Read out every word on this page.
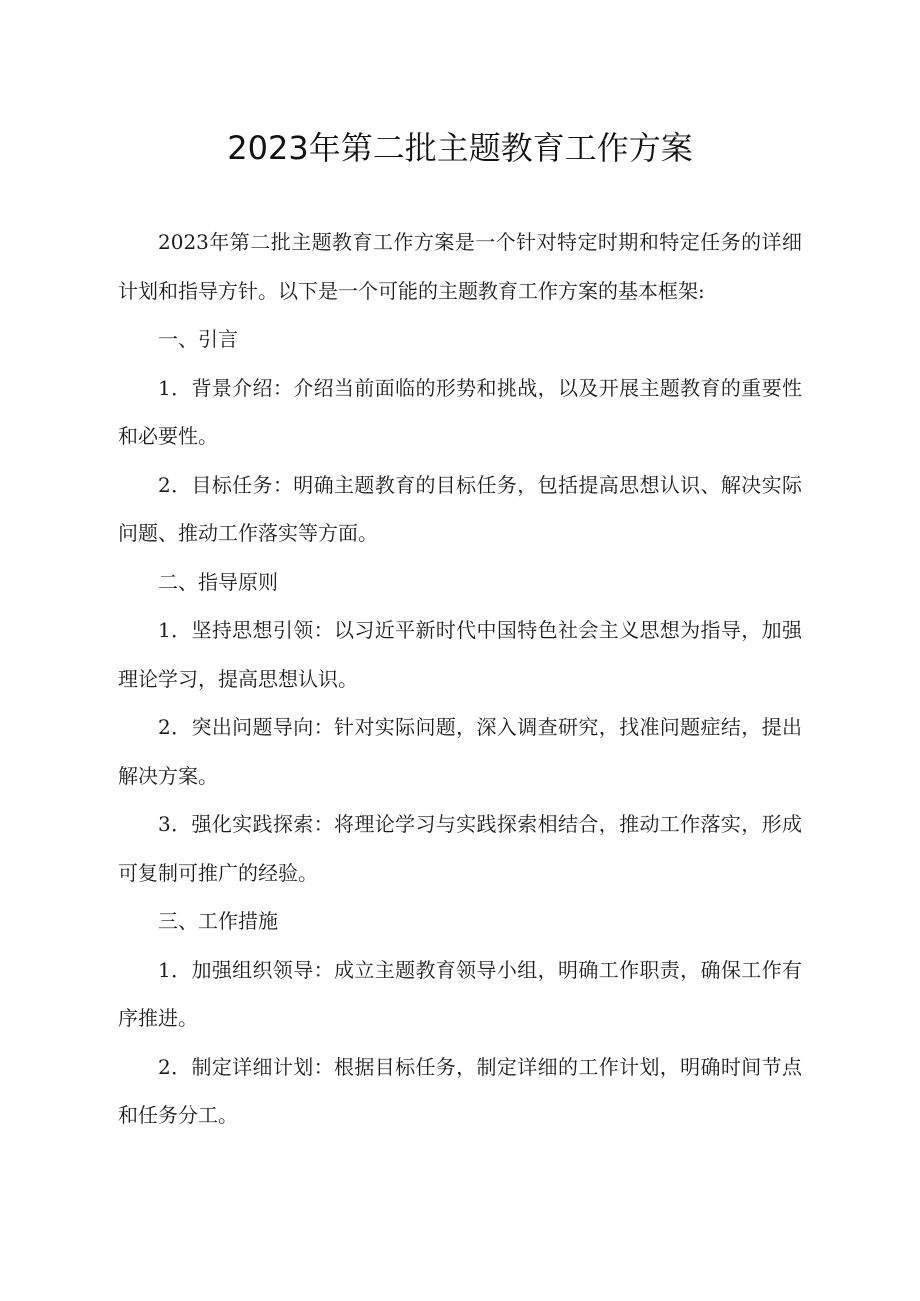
2023年第二批主题教育工作方案

2023年第二批主题教育工作方案是一个针对特定时期和特定任务的详细计划和指导方针。以下是一个可能的主题教育工作方案的基本框架:

一、引言

1．背景介绍：介绍当前面临的形势和挑战，以及开展主题教育的重要性和必要性。

2．目标任务：明确主题教育的目标任务，包括提高思想认识、解决实际问题、推动工作落实等方面。

二、指导原则

1．坚持思想引领：以习近平新时代中国特色社会主义思想为指导，加强理论学习，提高思想认识。

2．突出问题导向：针对实际问题，深入调查研究，找准问题症结，提出解决方案。

3．强化实践探索：将理论学习与实践探索相结合，推动工作落实，形成可复制可推广的经验。

三、工作措施

1．加强组织领导：成立主题教育领导小组，明确工作职责，确保工作有序推进。

2．制定详细计划：根据目标任务，制定详细的工作计划，明确时间节点和任务分工。
